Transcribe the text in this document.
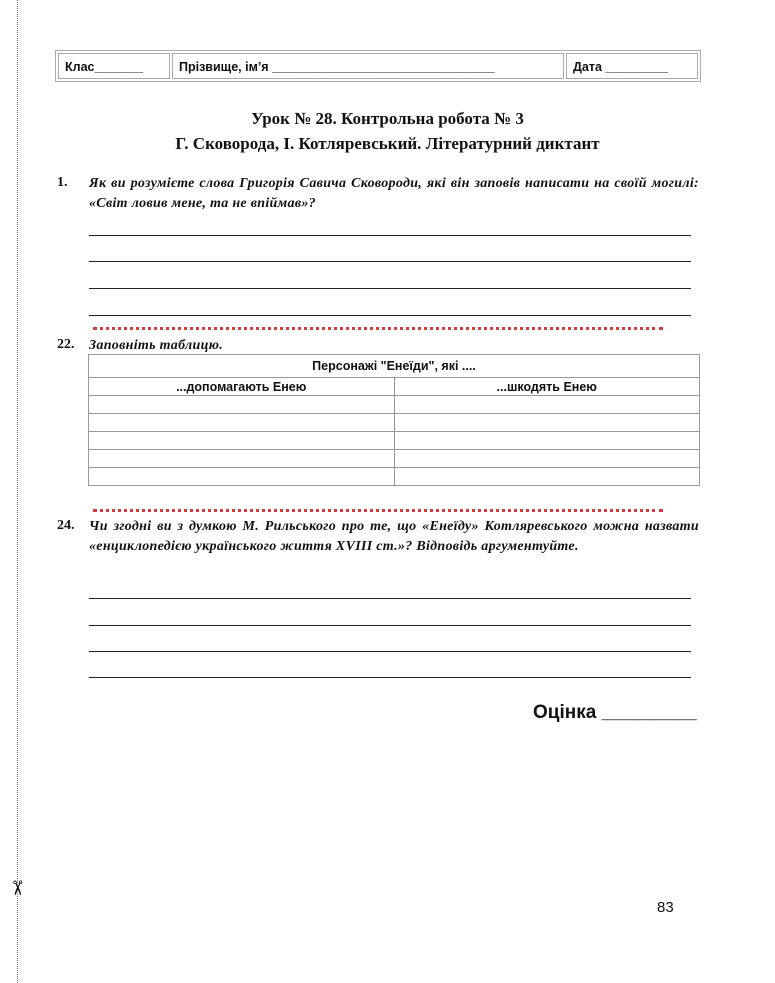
✂
Клас_______	Прізвище, ім’я ________________________________	Дата _________
Урок № 28. Контрольна робота № 3
Г. Сковорода, І. Котляревський. Літературний диктант
1. Як ви розумієте слова Григорія Савича Сковороди, які він заповів написати на своїй могилі: «Світ ловив мене, та не впіймав»?
22. Заповніть таблицю.
Персонажі "Енеїди", які ....	
...допомагають Енею	...шкодять Енею

24. Чи згодні ви з думкою М. Рильського про те, що «Енеїду» Котляревського можна назвати «енциклопедією українського життя XVIII ст.»? Відповідь аргументуйте.
Оцінка _________
83
